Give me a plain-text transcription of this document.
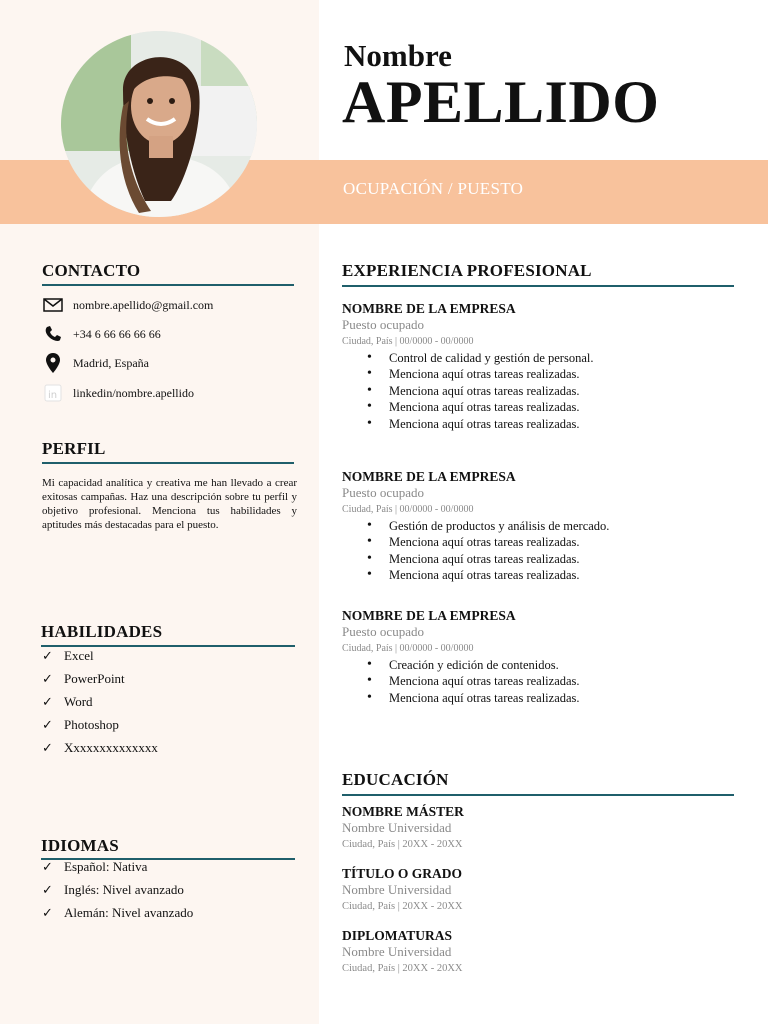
Nombre
APELLIDO
OCUPACIÓN / PUESTO
CONTACTO
nombre.apellido@gmail.com
+34 6 66 66 66 66
Madrid, España
in linkedin/nombre.apellido
PERFIL
Mi capacidad analítica y creativa me han llevado a crear exitosas campañas. Haz una descripción sobre tu perfil y objetivo profesional. Menciona tus habilidades y aptitudes más destacadas para el puesto.
HABILIDADES
✓ Excel
✓ PowerPoint
✓ Word
✓ Photoshop
✓ Xxxxxxxxxxxxxx
IDIOMAS
✓ Español: Nativa
✓ Inglés: Nivel avanzado
✓ Alemán: Nivel avanzado
EXPERIENCIA PROFESIONAL
NOMBRE DE LA EMPRESA
Puesto ocupado
Ciudad, País | 00/0000 - 00/0000
• Control de calidad y gestión de personal.
• Menciona aquí otras tareas realizadas.
• Menciona aquí otras tareas realizadas.
• Menciona aquí otras tareas realizadas.
• Menciona aquí otras tareas realizadas.
NOMBRE DE LA EMPRESA
Puesto ocupado
Ciudad, País | 00/0000 - 00/0000
• Gestión de productos y análisis de mercado.
• Menciona aquí otras tareas realizadas.
• Menciona aquí otras tareas realizadas.
• Menciona aquí otras tareas realizadas.
NOMBRE DE LA EMPRESA
Puesto ocupado
Ciudad, País | 00/0000 - 00/0000
• Creación y edición de contenidos.
• Menciona aquí otras tareas realizadas.
• Menciona aquí otras tareas realizadas.
EDUCACIÓN
NOMBRE MÁSTER
Nombre Universidad
Ciudad, País | 20XX - 20XX
TÍTULO O GRADO
Nombre Universidad
Ciudad, País | 20XX - 20XX
DIPLOMATURAS
Nombre Universidad
Ciudad, País | 20XX - 20XX
